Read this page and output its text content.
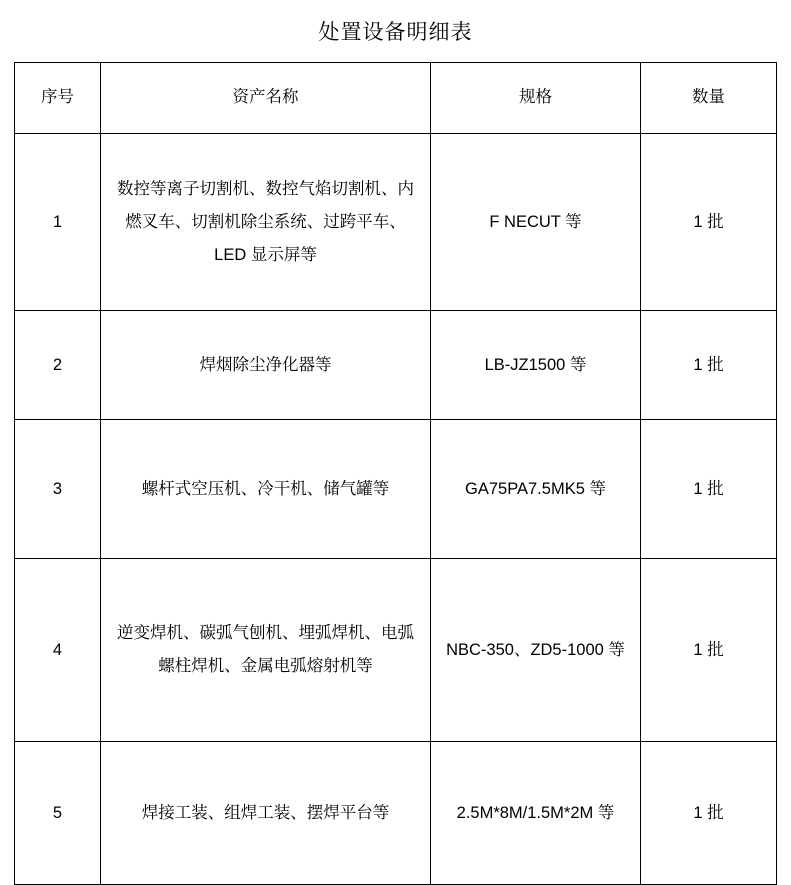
处置设备明细表
序号	资产名称	规格	数量
1	数控等离子切割机、数控气焰切割机、内燃叉车、切割机除尘系统、过跨平车、LED 显示屏等	F NECUT 等	1 批
2	焊烟除尘净化器等	LB-JZ1500 等	1 批
3	螺杆式空压机、冷干机、储气罐等	GA75PA7.5MK5 等	1 批
4	逆变焊机、碳弧气刨机、埋弧焊机、电弧螺柱焊机、金属电弧熔射机等	NBC-350、ZD5-1000 等	1 批
5	焊接工装、组焊工装、摆焊平台等	2.5M*8M/1.5M*2M 等	1 批
